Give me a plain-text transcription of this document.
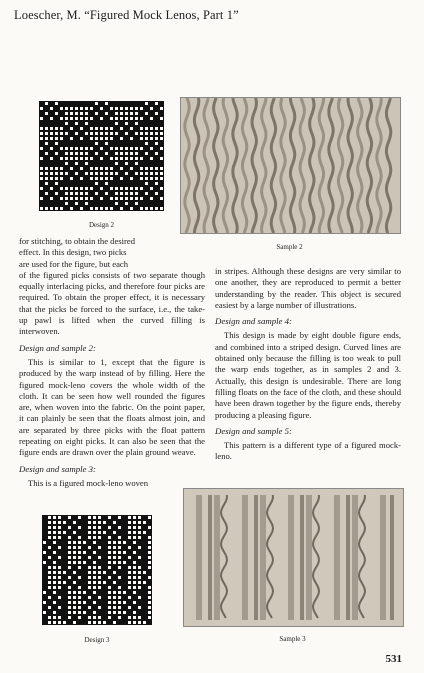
Loescher, M. “Figured Mock Lenos, Part 1”
Design 2
Sample 2
for stitching, to obtain the desired
effect. In this design, two picks
are used for the figure, but each

of the figured picks consists of two separate though equally interlacing picks, and therefore four picks are required. To obtain the proper effect, it is necessary that the picks be forced to the surface, i.e., the take-up pawl is lifted when the curved filling is interwoven.

Design and sample 2:

This is similar to 1, except that the figure is produced by the warp instead of by filling. Here the figured mock-leno covers the whole width of the cloth. It can be seen how well rounded the figures are, when woven into the fabric. On the point paper, it can plainly be seen that the floats almost join, and are separated by three picks with the float pattern repeating on eight picks. It can also be seen that the figure ends are drawn over the plain ground weave.

Design and sample 3:

This is a figured mock-leno woven

in stripes. Although these designs are very similar to one another, they are reproduced to permit a better understanding by the reader. This object is secured easiest by a large number of illustrations.

Design and sample 4:

This design is made by eight double figure ends, and combined into a striped design. Curved lines are obtained only because the filling is too weak to pull the warp ends together, as in samples 2 and 3. Actually, this design is undesirable. There are long filling floats on the face of the cloth, and these should have been drawn together by the figure ends, thereby producing a pleasing figure.

Design and sample 5:

This pattern is a different type of a figured mock-leno.

Design 3	Sample 3
531
